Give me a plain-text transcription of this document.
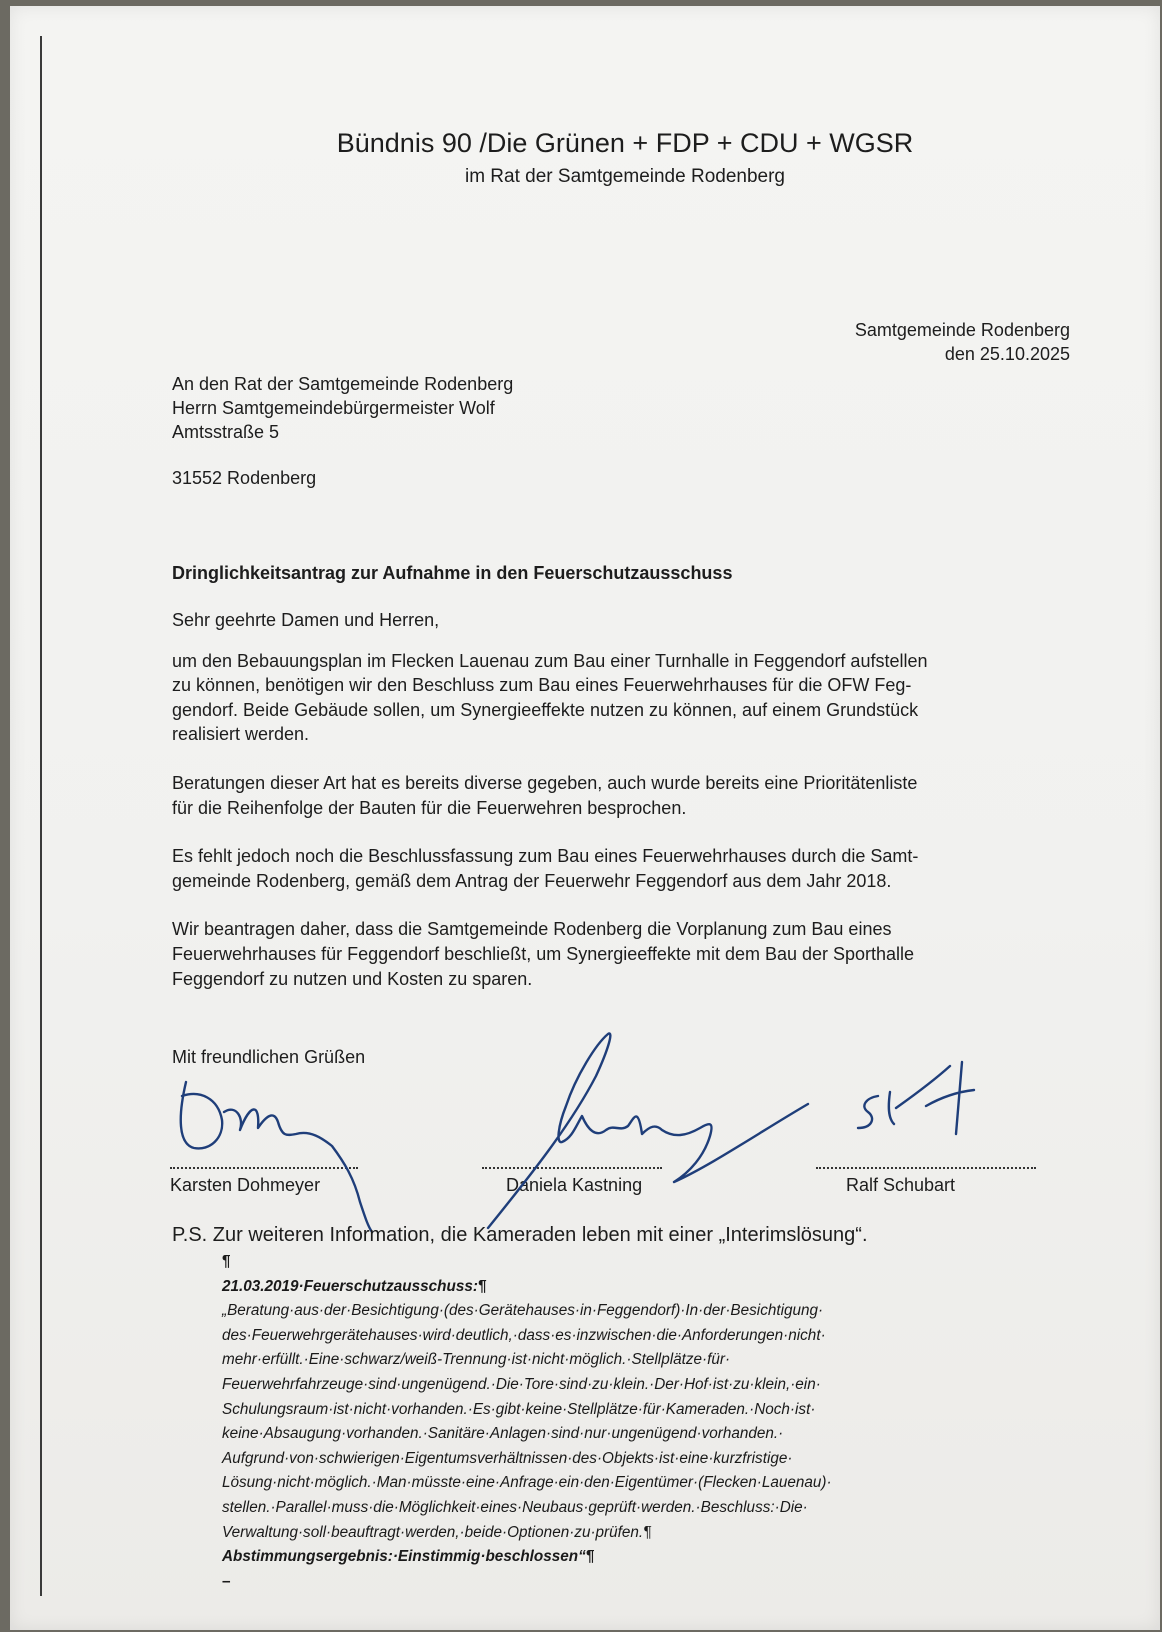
Bündnis 90 /Die Grünen + FDP + CDU + WGSR
im Rat der Samtgemeinde Rodenberg
Samtgemeinde Rodenberg
den 25.10.2025
An den Rat der Samtgemeinde Rodenberg
Herrn Samtgemeindebürgermeister Wolf
Amtsstraße 5
31552 Rodenberg
Dringlichkeitsantrag zur Aufnahme in den Feuerschutzausschuss

Sehr geehrte Damen und Herren,

um den Bebauungsplan im Flecken Lauenau zum Bau einer Turnhalle in Feggendorf aufstellen
zu können, benötigen wir den Beschluss zum Bau eines Feuerwehrhauses für die OFW Feg-
gendorf. Beide Gebäude sollen, um Synergieeffekte nutzen zu können, auf einem Grundstück
realisiert werden.

Beratungen dieser Art hat es bereits diverse gegeben, auch wurde bereits eine Prioritätenliste
für die Reihenfolge der Bauten für die Feuerwehren besprochen.

Es fehlt jedoch noch die Beschlussfassung zum Bau eines Feuerwehrhauses durch die Samt-
gemeinde Rodenberg, gemäß dem Antrag der Feuerwehr Feggendorf aus dem Jahr 2018.

Wir beantragen daher, dass die Samtgemeinde Rodenberg die Vorplanung zum Bau eines
Feuerwehrhauses für Feggendorf beschließt, um Synergieeffekte mit dem Bau der Sporthalle
Feggendorf zu nutzen und Kosten zu sparen.

Mit freundlichen Grüßen
Karsten Dohmeyer	Daniela Kastning	Ralf Schubart
P.S. Zur weiteren Information, die Kameraden leben mit einer „Interimslösung“.
¶
21.03.2019·Feuerschutzausschuss:¶
„Beratung·aus·der·Besichtigung·(des·Gerätehauses·in·Feggendorf)·In·der·Besichtigung·
des·Feuerwehrgerätehauses·wird·deutlich,·dass·es·inzwischen·die·Anforderungen·nicht·
mehr·erfüllt.·Eine·schwarz/weiß-Trennung·ist·nicht·möglich.·Stellplätze·für·
Feuerwehrfahrzeuge·sind·ungenügend.·Die·Tore·sind·zu·klein.·Der·Hof·ist·zu·klein,·ein·
Schulungsraum·ist·nicht·vorhanden.·Es·gibt·keine·Stellplätze·für·Kameraden.·Noch·ist·
keine·Absaugung·vorhanden.·Sanitäre·Anlagen·sind·nur·ungenügend·vorhanden.·
Aufgrund·von·schwierigen·Eigentumsverhältnissen·des·Objekts·ist·eine·kurzfristige·
Lösung·nicht·möglich.·Man·müsste·eine·Anfrage·ein·den·Eigentümer·(Flecken·Lauenau)·
stellen.·Parallel·muss·die·Möglichkeit·eines·Neubaus·geprüft·werden.·Beschluss:·Die·
Verwaltung·soll·beauftragt·werden,·beide·Optionen·zu·prüfen.¶
Abstimmungsergebnis:·Einstimmig·beschlossen“¶
–
